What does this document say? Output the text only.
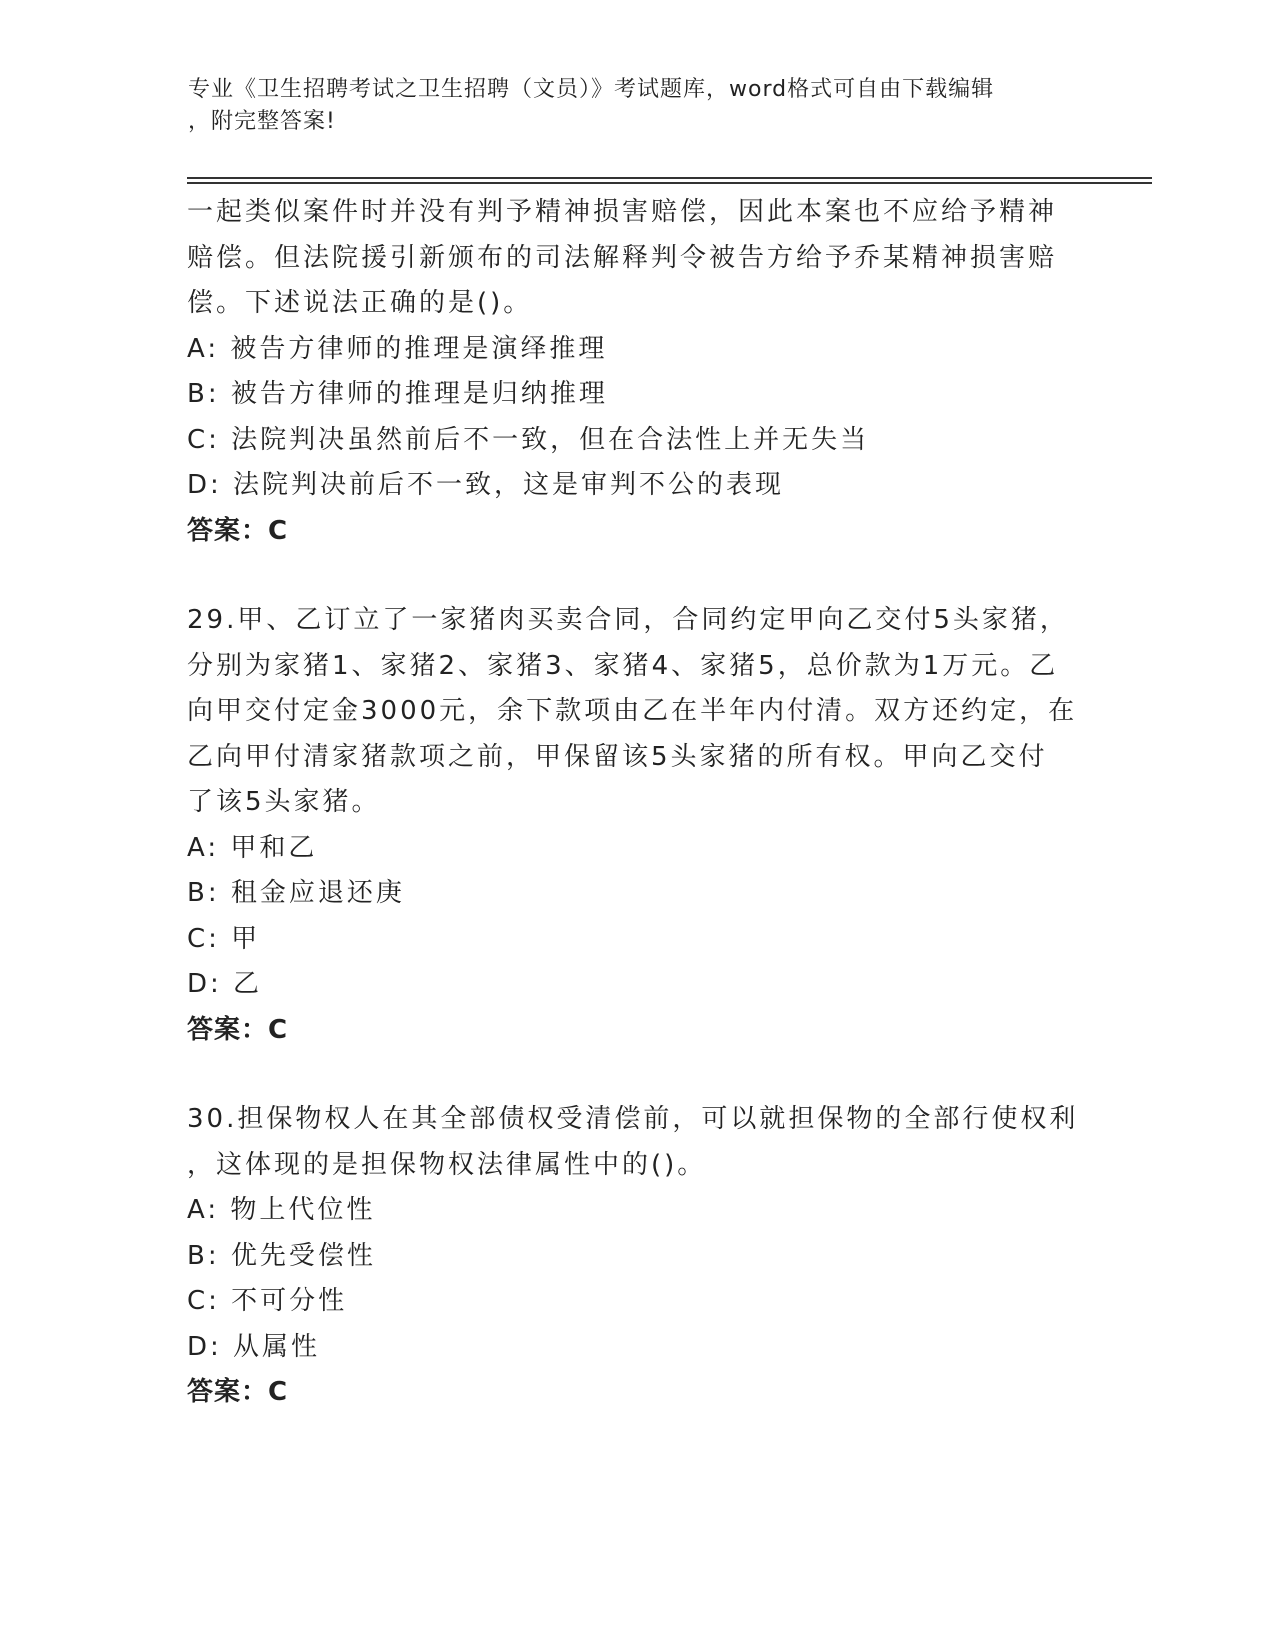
专业《卫生招聘考试之卫生招聘（文员）》考试题库，word格式可自由下载编辑
，附完整答案!
一起类似案件时并没有判予精神损害赔偿，因此本案也不应给予精神
赔偿。但法院援引新颁布的司法解释判令被告方给予乔某精神损害赔
偿。下述说法正确的是()。
A: 被告方律师的推理是演绎推理
B: 被告方律师的推理是归纳推理
C: 法院判决虽然前后不一致，但在合法性上并无失当
D: 法院判决前后不一致，这是审判不公的表现
答案：C
29.甲、乙订立了一家猪肉买卖合同，合同约定甲向乙交付5头家猪，
分别为家猪1、家猪2、家猪3、家猪4、家猪5，总价款为1万元。乙
向甲交付定金3000元，余下款项由乙在半年内付清。双方还约定，在
乙向甲付清家猪款项之前，甲保留该5头家猪的所有权。甲向乙交付
了该5头家猪。
A: 甲和乙
B: 租金应退还庚
C: 甲
D: 乙
答案：C
30.担保物权人在其全部债权受清偿前，可以就担保物的全部行使权利
，这体现的是担保物权法律属性中的()。
A: 物上代位性
B: 优先受偿性
C: 不可分性
D: 从属性
答案：C
